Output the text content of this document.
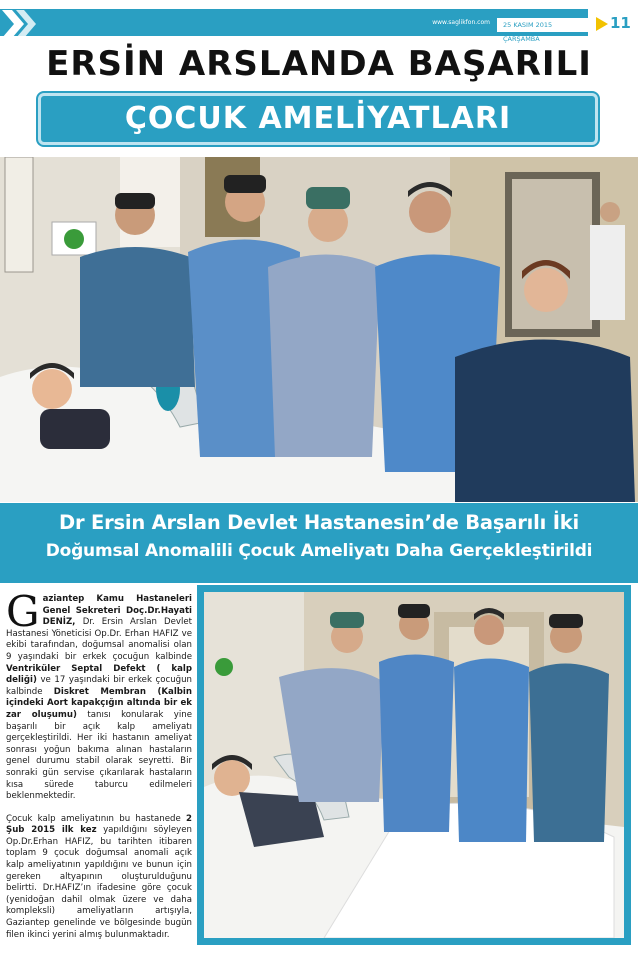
www.saglikfon.com	25 KASIM 2015 ÇARŞAMBA
11
ERSİN ARSLANDA BAŞARILI
ÇOCUK AMELİYATLARI
Dr Ersin Arslan Devlet Hastanesin’de Başarılı İki
Doğumsal Anomalili Çocuk Ameliyatı Daha Gerçekleştirildi

Gaziantep Kamu Hastaneleri Genel Sekreteri Doç.Dr.Hayati DENİZ, Dr. Ersin Arslan Devlet Hastanesi Yöneticisi Op.Dr. Erhan HAFIZ ve ekibi tarafından, doğumsal anomalisi olan 9 yaşındaki bir erkek çocuğun kalbinde Ventriküler Septal Defekt ( kalp deliği) ve 17 yaşındaki bir erkek çocuğun kalbinde Diskret Membran (Kalbin içindeki Aort kapakçığın altında bir ek zar oluşumu) tanısı konularak yine başarılı bir açık kalp ameliyatı gerçekleştirildi. Her iki hastanın ameliyat sonrası yoğun bakıma alınan hastaların genel durumu stabil olarak seyretti. Bir sonraki gün servise çıkarılarak hastaların kısa sürede taburcu edilmeleri beklenmektedir.

Çocuk kalp ameliyatının bu hastanede 2 Şub 2015 ilk kez yapıldığını söyleyen Op.Dr.Erhan HAFIZ, bu tarihten itibaren toplam 9 çocuk doğumsal anomali açık kalp ameliyatının yapıldığını ve bunun için gereken altyapının oluşturulduğunu belirtti. Dr.HAFIZ’ın ifadesine göre çocuk (yenidoğan dahil olmak üzere ve daha kompleksli) ameliyatların artışıyla, Gaziantep genelinde ve bölgesinde bugün filen ikinci yerini almış bulunmaktadır.
